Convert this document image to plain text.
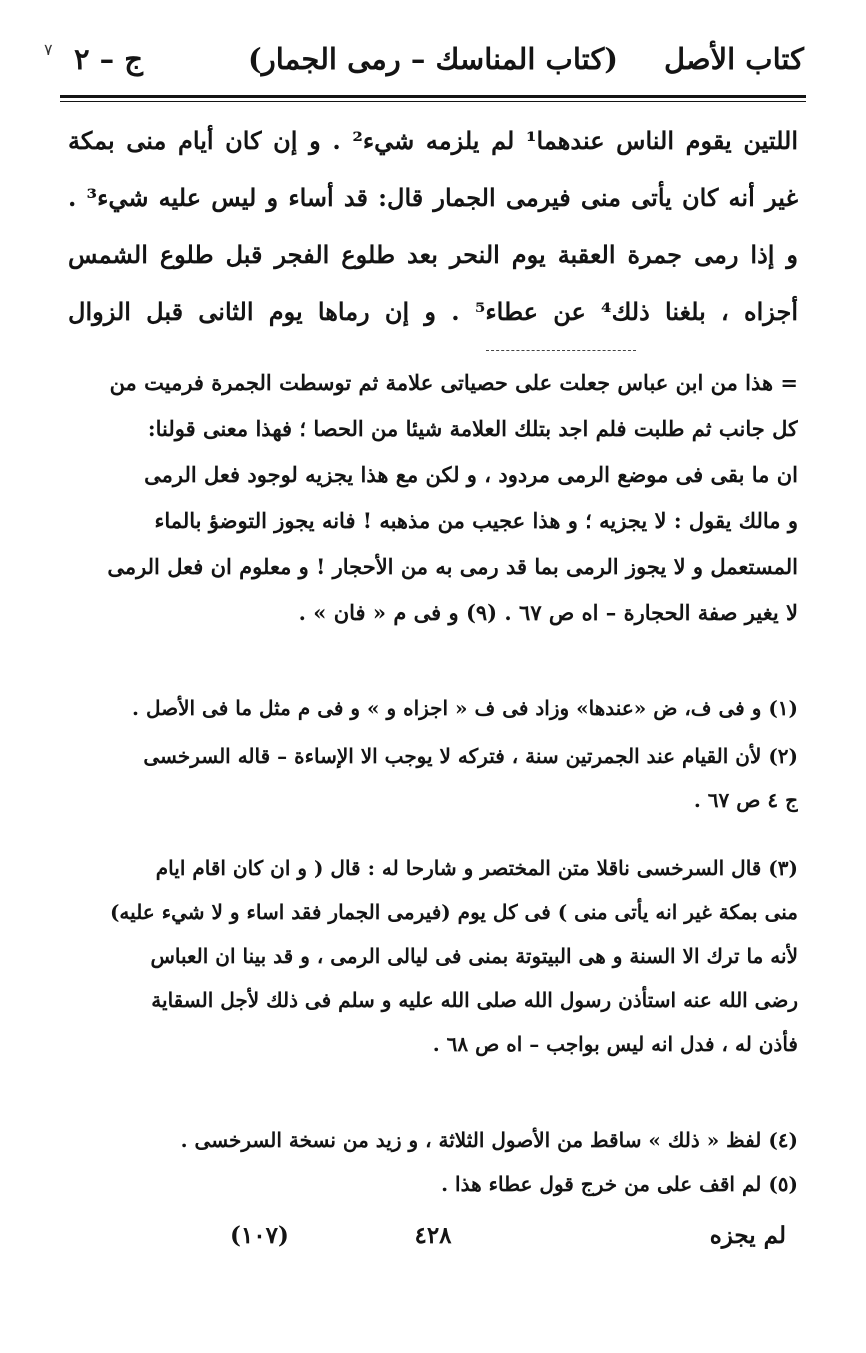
٧	كتاب الأصل
(كتاب المناسك – رمى الجمار)
ج – ٢
اللتين يقوم الناس عندهما¹ لم يلزمه شيء² . و إن كان أيام منى بمكة
غير أنه كان يأتى منى فيرمى الجمار قال: قد أساء و ليس عليه شيء³ .
و إذا رمى جمرة العقبة يوم النحر بعد طلوع الفجر قبل طلوع الشمس
أجزاه ، بلغنا ذلك⁴ عن عطاء⁵ . و إن رماها يوم الثانى قبل الزوال
= هذا من ابن عباس جعلت على حصياتى علامة ثم توسطت الجمرة فرميت من
كل جانب ثم طلبت فلم اجد بتلك العلامة شيئا من الحصا ؛ فهذا معنى قولنا:
ان ما بقى فى موضع الرمى مردود ، و لكن مع هذا يجزيه لوجود فعل الرمى
و مالك يقول : لا يجزيه ؛ و هذا عجيب من مذهبه ! فانه يجوز التوضؤ بالماء
المستعمل و لا يجوز الرمى بما قد رمى به من الأحجار ! و معلوم ان فعل الرمى
لا يغير صفة الحجارة – اه ص ٦٧ . (٩) و فى م « فان » .
(١) و فى ف، ض «عندها» وزاد فى ف « اجزاه و » و فى م مثل ما فى الأصل .
(٢) لأن القيام عند الجمرتين سنة ، فتركه لا يوجب الا الإساءة – قاله السرخسى
ج ٤ ص ٦٧ .
(٣) قال السرخسى ناقلا متن المختصر و شارحا له : قال ( و ان كان اقام ايام
منى بمكة غير انه يأتى منى ) فى كل يوم (فيرمى الجمار فقد اساء و لا شيء عليه)
لأنه ما ترك الا السنة و هى البيتوتة بمنى فى ليالى الرمى ، و قد بينا ان العباس
رضى الله عنه استأذن رسول الله صلى الله عليه و سلم فى ذلك لأجل السقاية
فأذن له ، فدل انه ليس بواجب – اه ص ٦٨ .
(٤) لفظ « ذلك » ساقط من الأصول الثلاثة ، و زيد من نسخة السرخسى .
(٥) لم اقف على من خرج قول عطاء هذا .
لم يجزه
(١٠٧)	٤٢٨
